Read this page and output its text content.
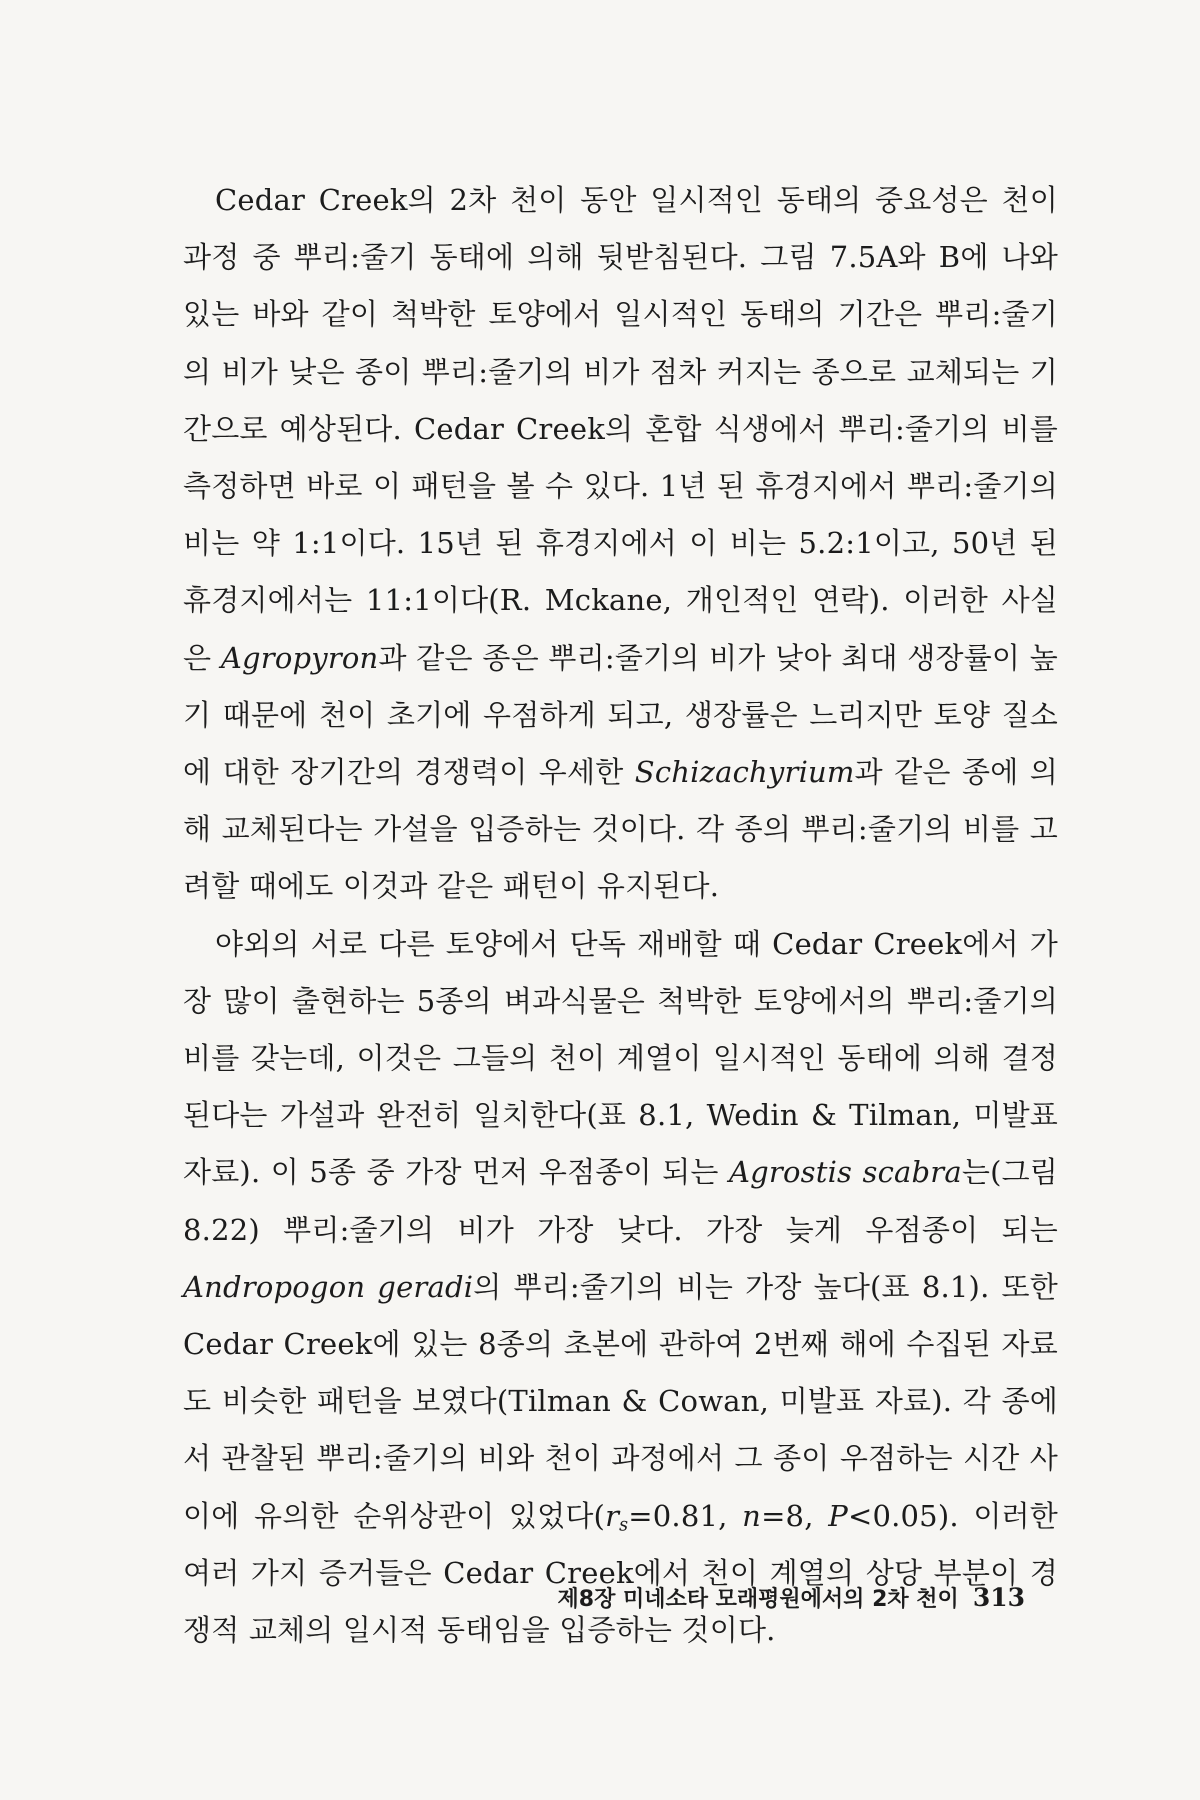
Cedar Creek의 2차 천이 동안 일시적인 동태의 중요성은 천이 과정 중 뿌리:줄기 동태에 의해 뒷받침된다. 그림 7.5A와 B에 나와 있는 바와 같이 척박한 토양에서 일시적인 동태의 기간은 뿌리:줄기의 비가 낮은 종이 뿌리:줄기의 비가 점차 커지는 종으로 교체되는 기간으로 예상된다. Cedar Creek의 혼합 식생에서 뿌리:줄기의 비를 측정하면 바로 이 패턴을 볼 수 있다. 1년 된 휴경지에서 뿌리:줄기의 비는 약 1:1이다. 15년 된 휴경지에서 이 비는 5.2:1이고, 50년 된 휴경지에서는 11:1이다(R. Mckane, 개인적인 연락). 이러한 사실은 Agropyron과 같은 종은 뿌리:줄기의 비가 낮아 최대 생장률이 높기 때문에 천이 초기에 우점하게 되고, 생장률은 느리지만 토양 질소에 대한 장기간의 경쟁력이 우세한 Schizachyrium과 같은 종에 의해 교체된다는 가설을 입증하는 것이다. 각 종의 뿌리:줄기의 비를 고려할 때에도 이것과 같은 패턴이 유지된다.

야외의 서로 다른 토양에서 단독 재배할 때 Cedar Creek에서 가장 많이 출현하는 5종의 벼과식물은 척박한 토양에서의 뿌리:줄기의 비를 갖는데, 이것은 그들의 천이 계열이 일시적인 동태에 의해 결정된다는 가설과 완전히 일치한다(표 8.1, Wedin & Tilman, 미발표 자료). 이 5종 중 가장 먼저 우점종이 되는 Agrostis scabra는(그림 8.22) 뿌리:줄기의 비가 가장 낮다. 가장 늦게 우점종이 되는 Andropogon geradi의 뿌리:줄기의 비는 가장 높다(표 8.1). 또한 Cedar Creek에 있는 8종의 초본에 관하여 2번째 해에 수집된 자료도 비슷한 패턴을 보였다(Tilman & Cowan, 미발표 자료). 각 종에서 관찰된 뿌리:줄기의 비와 천이 과정에서 그 종이 우점하는 시간 사이에 유의한 순위상관이 있었다($r_s=0.81$, n=8, P<0.05). 이러한 여러 가지 증거들은 Cedar Creek에서 천이 계열의 상당 부분이 경쟁적 교체의 일시적 동태임을 입증하는 것이다.

제8장 미네소타 모래평원에서의 2차 천이 313
